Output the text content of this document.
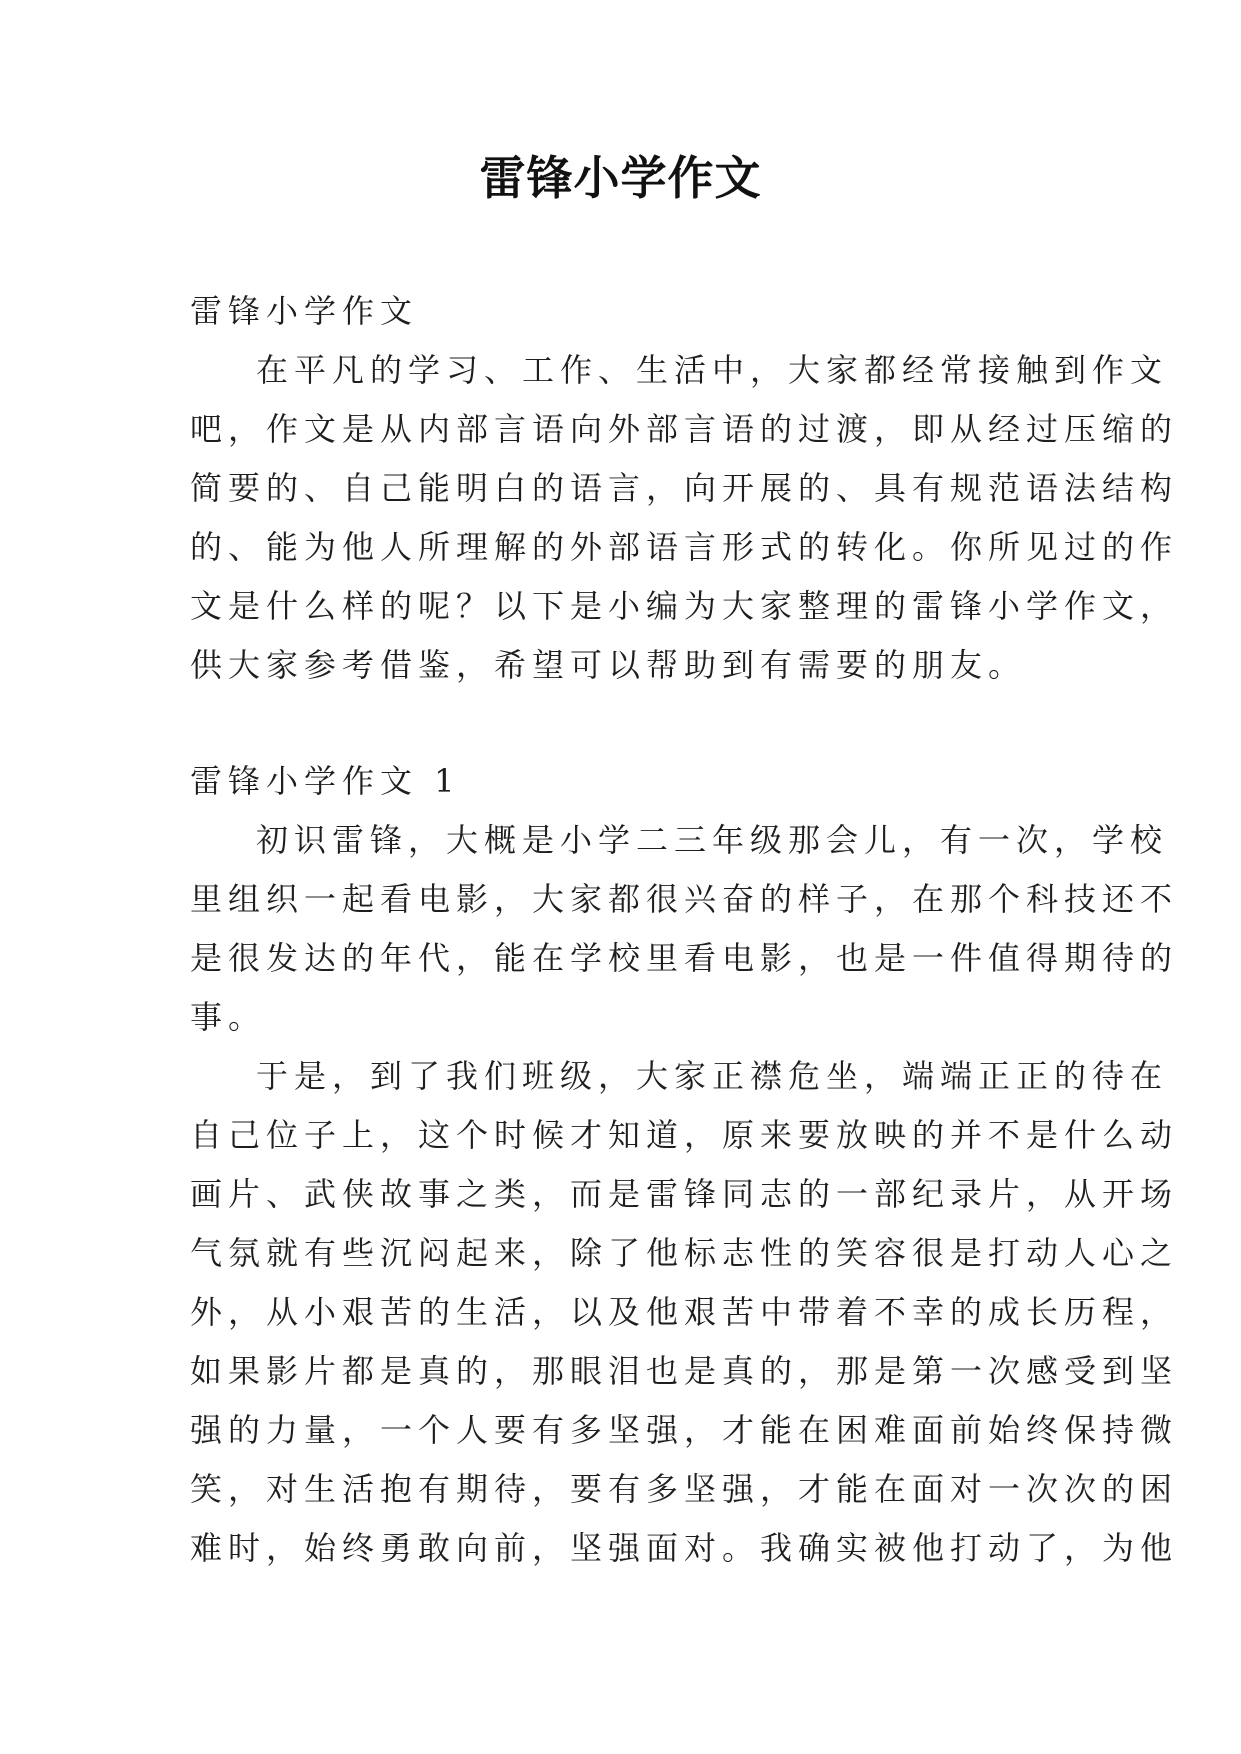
雷锋小学作文
雷锋小学作文
在平凡的学习、工作、生活中，大家都经常接触到作文
吧，作文是从内部言语向外部言语的过渡，即从经过压缩的
简要的、自己能明白的语言，向开展的、具有规范语法结构
的、能为他人所理解的外部语言形式的转化。你所见过的作
文是什么样的呢？以下是小编为大家整理的雷锋小学作文，
供大家参考借鉴，希望可以帮助到有需要的朋友。
雷锋小学作文 1
初识雷锋，大概是小学二三年级那会儿，有一次，学校
里组织一起看电影，大家都很兴奋的样子，在那个科技还不
是很发达的年代，能在学校里看电影，也是一件值得期待的
事。
于是，到了我们班级，大家正襟危坐，端端正正的待在
自己位子上，这个时候才知道，原来要放映的并不是什么动
画片、武侠故事之类，而是雷锋同志的一部纪录片，从开场
气氛就有些沉闷起来，除了他标志性的笑容很是打动人心之
外，从小艰苦的生活，以及他艰苦中带着不幸的成长历程，
如果影片都是真的，那眼泪也是真的，那是第一次感受到坚
强的力量，一个人要有多坚强，才能在困难面前始终保持微
笑，对生活抱有期待，要有多坚强，才能在面对一次次的困
难时，始终勇敢向前，坚强面对。我确实被他打动了，为他
